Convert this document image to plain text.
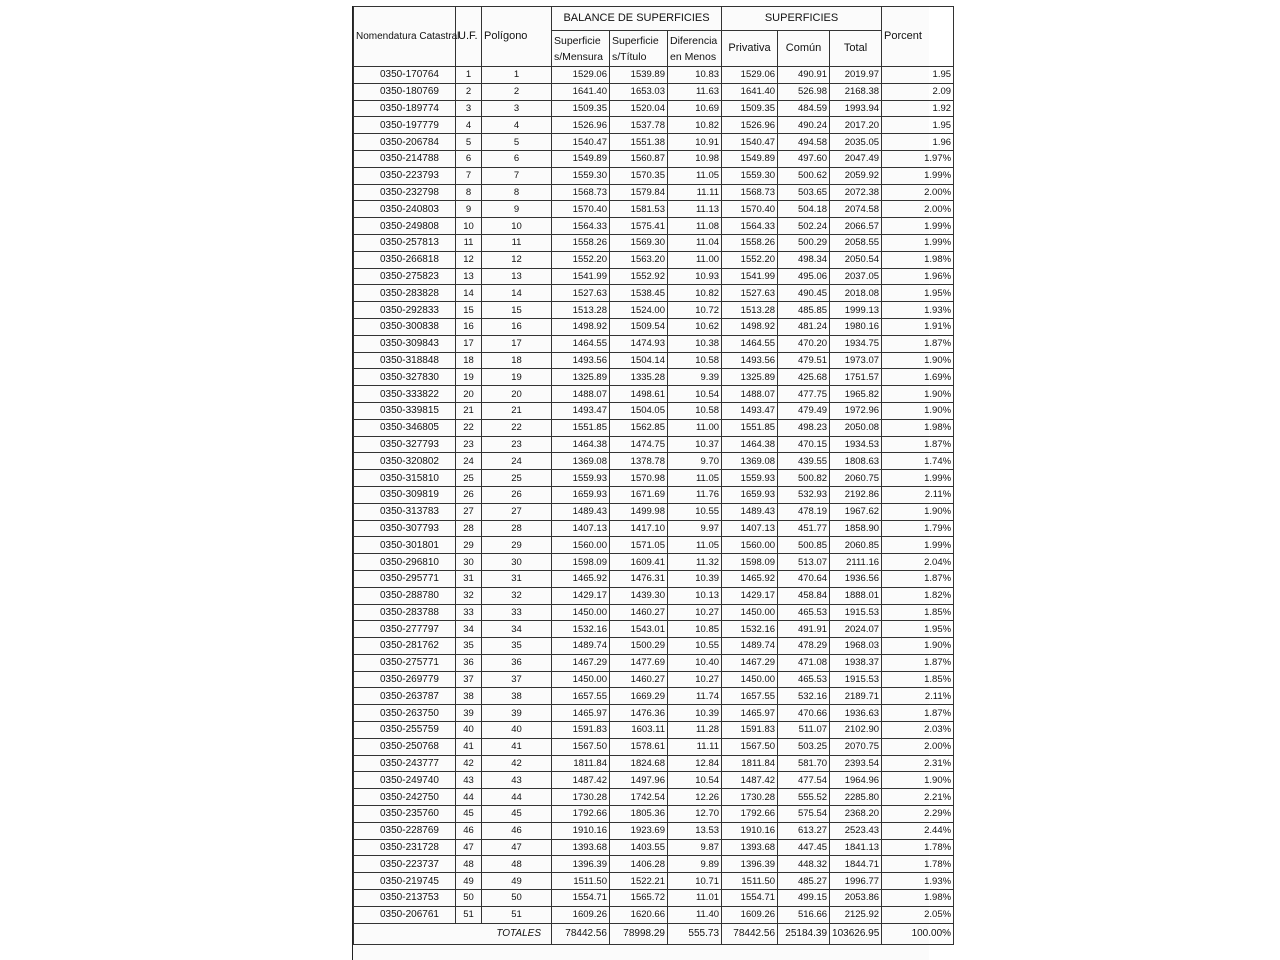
Nomendatura Catastral	U.F.	Polígono	BALANCE DE SUPERFICIES			SUPERFICIES			Porcent
			Superficie s/Mensura	Superficie s/Título	Diferencia en Menos	Privativa	Común	Total	
0350-170764	1	1	1529.06	1539.89	10.83	1529.06	490.91	2019.97	1.95
0350-180769	2	2	1641.40	1653.03	11.63	1641.40	526.98	2168.38	2.09
0350-189774	3	3	1509.35	1520.04	10.69	1509.35	484.59	1993.94	1.92
0350-197779	4	4	1526.96	1537.78	10.82	1526.96	490.24	2017.20	1.95
0350-206784	5	5	1540.47	1551.38	10.91	1540.47	494.58	2035.05	1.96
0350-214788	6	6	1549.89	1560.87	10.98	1549.89	497.60	2047.49	1.97%
0350-223793	7	7	1559.30	1570.35	11.05	1559.30	500.62	2059.92	1.99%
0350-232798	8	8	1568.73	1579.84	11.11	1568.73	503.65	2072.38	2.00%
0350-240803	9	9	1570.40	1581.53	11.13	1570.40	504.18	2074.58	2.00%
0350-249808	10	10	1564.33	1575.41	11.08	1564.33	502.24	2066.57	1.99%
0350-257813	11	11	1558.26	1569.30	11.04	1558.26	500.29	2058.55	1.99%
0350-266818	12	12	1552.20	1563.20	11.00	1552.20	498.34	2050.54	1.98%
0350-275823	13	13	1541.99	1552.92	10.93	1541.99	495.06	2037.05	1.96%
0350-283828	14	14	1527.63	1538.45	10.82	1527.63	490.45	2018.08	1.95%
0350-292833	15	15	1513.28	1524.00	10.72	1513.28	485.85	1999.13	1.93%
0350-300838	16	16	1498.92	1509.54	10.62	1498.92	481.24	1980.16	1.91%
0350-309843	17	17	1464.55	1474.93	10.38	1464.55	470.20	1934.75	1.87%
0350-318848	18	18	1493.56	1504.14	10.58	1493.56	479.51	1973.07	1.90%
0350-327830	19	19	1325.89	1335.28	9.39	1325.89	425.68	1751.57	1.69%
0350-333822	20	20	1488.07	1498.61	10.54	1488.07	477.75	1965.82	1.90%
0350-339815	21	21	1493.47	1504.05	10.58	1493.47	479.49	1972.96	1.90%
0350-346805	22	22	1551.85	1562.85	11.00	1551.85	498.23	2050.08	1.98%
0350-327793	23	23	1464.38	1474.75	10.37	1464.38	470.15	1934.53	1.87%
0350-320802	24	24	1369.08	1378.78	9.70	1369.08	439.55	1808.63	1.74%
0350-315810	25	25	1559.93	1570.98	11.05	1559.93	500.82	2060.75	1.99%
0350-309819	26	26	1659.93	1671.69	11.76	1659.93	532.93	2192.86	2.11%
0350-313783	27	27	1489.43	1499.98	10.55	1489.43	478.19	1967.62	1.90%
0350-307793	28	28	1407.13	1417.10	9.97	1407.13	451.77	1858.90	1.79%
0350-301801	29	29	1560.00	1571.05	11.05	1560.00	500.85	2060.85	1.99%
0350-296810	30	30	1598.09	1609.41	11.32	1598.09	513.07	2111.16	2.04%
0350-295771	31	31	1465.92	1476.31	10.39	1465.92	470.64	1936.56	1.87%
0350-288780	32	32	1429.17	1439.30	10.13	1429.17	458.84	1888.01	1.82%
0350-283788	33	33	1450.00	1460.27	10.27	1450.00	465.53	1915.53	1.85%
0350-277797	34	34	1532.16	1543.01	10.85	1532.16	491.91	2024.07	1.95%
0350-281762	35	35	1489.74	1500.29	10.55	1489.74	478.29	1968.03	1.90%
0350-275771	36	36	1467.29	1477.69	10.40	1467.29	471.08	1938.37	1.87%
0350-269779	37	37	1450.00	1460.27	10.27	1450.00	465.53	1915.53	1.85%
0350-263787	38	38	1657.55	1669.29	11.74	1657.55	532.16	2189.71	2.11%
0350-263750	39	39	1465.97	1476.36	10.39	1465.97	470.66	1936.63	1.87%
0350-255759	40	40	1591.83	1603.11	11.28	1591.83	511.07	2102.90	2.03%
0350-250768	41	41	1567.50	1578.61	11.11	1567.50	503.25	2070.75	2.00%
0350-243777	42	42	1811.84	1824.68	12.84	1811.84	581.70	2393.54	2.31%
0350-249740	43	43	1487.42	1497.96	10.54	1487.42	477.54	1964.96	1.90%
0350-242750	44	44	1730.28	1742.54	12.26	1730.28	555.52	2285.80	2.21%
0350-235760	45	45	1792.66	1805.36	12.70	1792.66	575.54	2368.20	2.29%
0350-228769	46	46	1910.16	1923.69	13.53	1910.16	613.27	2523.43	2.44%
0350-231728	47	47	1393.68	1403.55	9.87	1393.68	447.45	1841.13	1.78%
0350-223737	48	48	1396.39	1406.28	9.89	1396.39	448.32	1844.71	1.78%
0350-219745	49	49	1511.50	1522.21	10.71	1511.50	485.27	1996.77	1.93%
0350-213753	50	50	1554.71	1565.72	11.01	1554.71	499.15	2053.86	1.98%
0350-206761	51	51	1609.26	1620.66	11.40	1609.26	516.66	2125.92	2.05%
TOTALES			78442.56	78998.29	555.73	78442.56	25184.39	103626.95	100.00%
